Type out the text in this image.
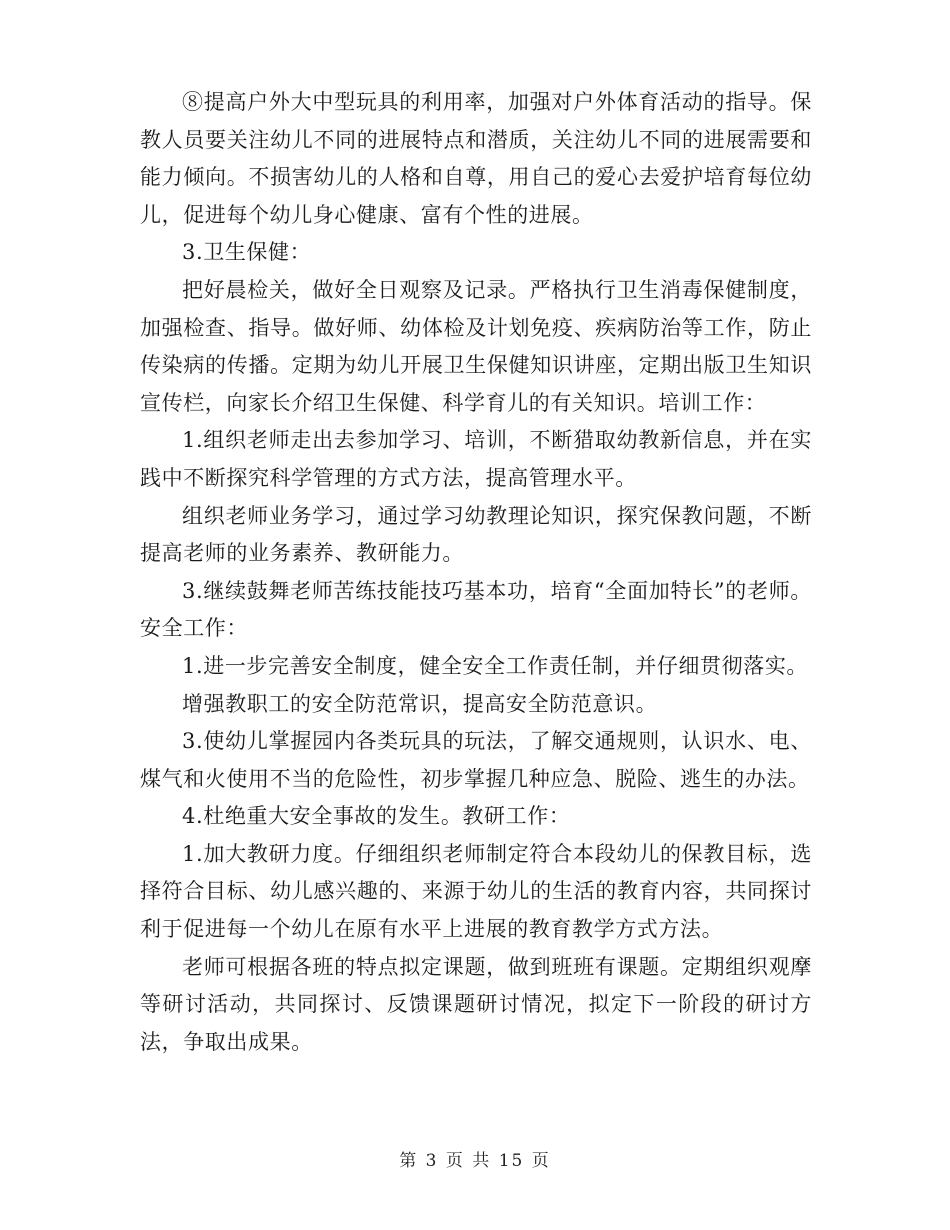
⑧提高户外大中型玩具的利用率，加强对户外体育活动的指导。保教人员要关注幼儿不同的进展特点和潜质，关注幼儿不同的进展需要和能力倾向。不损害幼儿的人格和自尊，用自己的爱心去爱护培育每位幼儿，促进每个幼儿身心健康、富有个性的进展。

3.卫生保健：

把好晨检关，做好全日观察及记录。严格执行卫生消毒保健制度，加强检查、指导。做好师、幼体检及计划免疫、疾病防治等工作，防止传染病的传播。定期为幼儿开展卫生保健知识讲座，定期出版卫生知识宣传栏，向家长介绍卫生保健、科学育儿的有关知识。培训工作：

1.组织老师走出去参加学习、培训，不断猎取幼教新信息，并在实践中不断探究科学管理的方式方法，提高管理水平。

组织老师业务学习，通过学习幼教理论知识，探究保教问题，不断提高老师的业务素养、教研能力。

3.继续鼓舞老师苦练技能技巧基本功，培育“全面加特长”的老师。安全工作：

1.进一步完善安全制度，健全安全工作责任制，并仔细贯彻落实。

增强教职工的安全防范常识，提高安全防范意识。

3.使幼儿掌握园内各类玩具的玩法，了解交通规则，认识水、电、煤气和火使用不当的危险性，初步掌握几种应急、脱险、逃生的办法。

4.杜绝重大安全事故的发生。教研工作：

1.加大教研力度。仔细组织老师制定符合本段幼儿的保教目标，选择符合目标、幼儿感兴趣的、来源于幼儿的生活的教育内容，共同探讨利于促进每一个幼儿在原有水平上进展的教育教学方式方法。

老师可根据各班的特点拟定课题，做到班班有课题。定期组织观摩等研讨活动，共同探讨、反馈课题研讨情况，拟定下一阶段的研讨方法，争取出成果。

第 3 页 共 15 页
